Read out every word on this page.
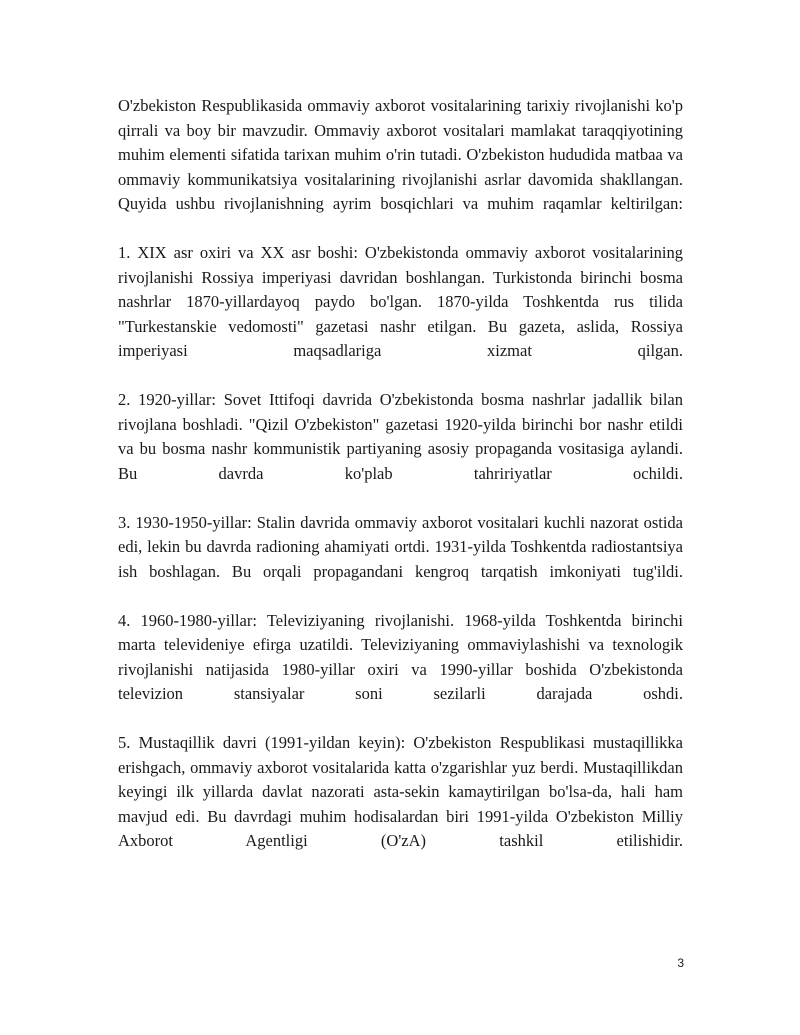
O'zbekiston Respublikasida ommaviy axborot vositalarining tarixiy rivojlanishi ko'p qirrali va boy bir mavzudir. Ommaviy axborot vositalari mamlakat taraqqiyotining muhim elementi sifatida tarixan muhim o'rin tutadi. O'zbekiston hududida matbaa va ommaviy kommunikatsiya vositalarining rivojlanishi asrlar davomida shakllangan. Quyida ushbu rivojlanishning ayrim bosqichlari va muhim raqamlar keltirilgan:

1. XIX asr oxiri va XX asr boshi: O'zbekistonda ommaviy axborot vositalarining rivojlanishi Rossiya imperiyasi davridan boshlangan. Turkistonda birinchi bosma nashrlar 1870-yillardayoq paydo bo'lgan. 1870-yilda Toshkentda rus tilida "Turkestanskie vedomosti" gazetasi nashr etilgan. Bu gazeta, aslida, Rossiya imperiyasi maqsadlariga xizmat qilgan.

2. 1920-yillar: Sovet Ittifoqi davrida O'zbekistonda bosma nashrlar jadallik bilan rivojlana boshladi. "Qizil O'zbekiston" gazetasi 1920-yilda birinchi bor nashr etildi va bu bosma nashr kommunistik partiyaning asosiy propaganda vositasiga aylandi. Bu davrda ko'plab tahririyatlar ochildi.

3. 1930-1950-yillar: Stalin davrida ommaviy axborot vositalari kuchli nazorat ostida edi, lekin bu davrda radioning ahamiyati ortdi. 1931-yilda Toshkentda radiostantsiya ish boshlagan. Bu orqali propagandani kengroq tarqatish imkoniyati tug'ildi.

4. 1960-1980-yillar: Televiziyaning rivojlanishi. 1968-yilda Toshkentda birinchi marta televideniye efirga uzatildi. Televiziyaning ommaviylashishi va texnologik rivojlanishi natijasida 1980-yillar oxiri va 1990-yillar boshida O'zbekistonda televizion stansiyalar soni sezilarli darajada oshdi.

5. Mustaqillik davri (1991-yildan keyin): O'zbekiston Respublikasi mustaqillikka erishgach, ommaviy axborot vositalarida katta o'zgarishlar yuz berdi. Mustaqillikdan keyingi ilk yillarda davlat nazorati asta-sekin kamaytirilgan bo'lsa-da, hali ham mavjud edi. Bu davrdagi muhim hodisalardan biri 1991-yilda O'zbekiston Milliy Axborot Agentligi (O'zA) tashkil etilishidir.

3
